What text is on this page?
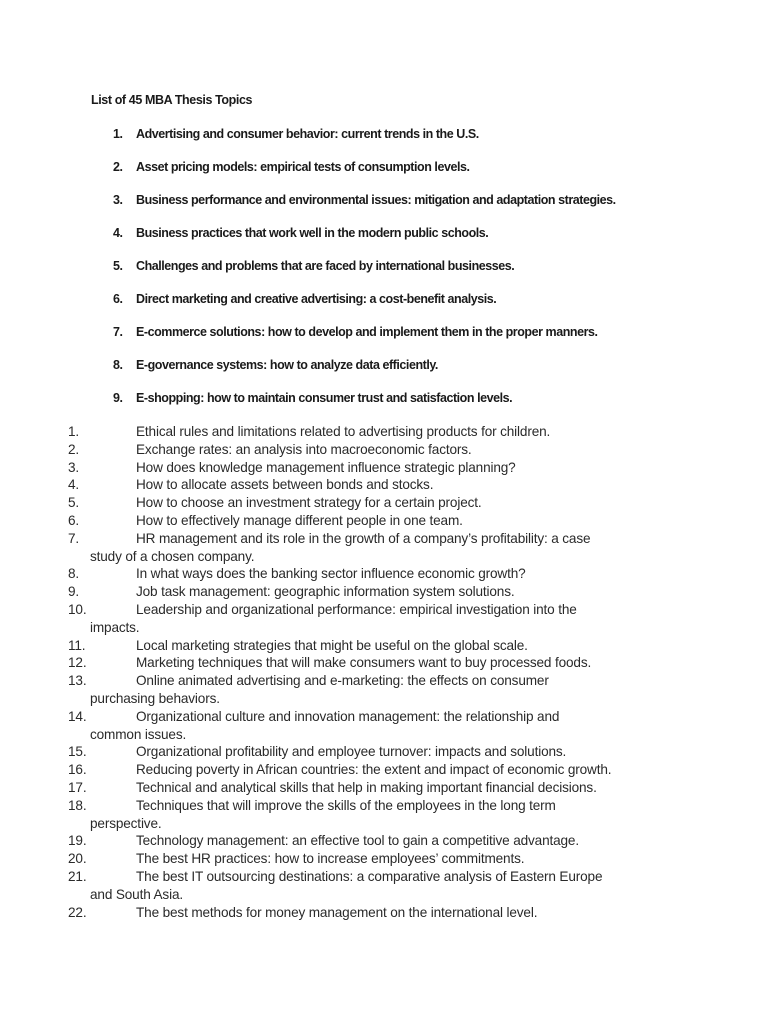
List of 45 MBA Thesis Topics
1. Advertising and consumer behavior: current trends in the U.S.
2. Asset pricing models: empirical tests of consumption levels.
3. Business performance and environmental issues: mitigation and adaptation strategies.
4. Business practices that work well in the modern public schools.
5. Challenges and problems that are faced by international businesses.
6. Direct marketing and creative advertising: a cost-benefit analysis.
7. E-commerce solutions: how to develop and implement them in the proper manners.
8. E-governance systems: how to analyze data efficiently.
9. E-shopping: how to maintain consumer trust and satisfaction levels.
1.	Ethical rules and limitations related to advertising products for children.
2.	Exchange rates: an analysis into macroeconomic factors.
3.	How does knowledge management influence strategic planning?
4.	How to allocate assets between bonds and stocks.
5.	How to choose an investment strategy for a certain project.
6.	How to effectively manage different people in one team.
7.	HR management and its role in the growth of a company’s profitability: a case
study of a chosen company.
8.	In what ways does the banking sector influence economic growth?
9.	Job task management: geographic information system solutions.
10.	Leadership and organizational performance: empirical investigation into the
impacts.
11.	Local marketing strategies that might be useful on the global scale.
12.	Marketing techniques that will make consumers want to buy processed foods.
13.	Online animated advertising and e-marketing: the effects on consumer
purchasing behaviors.
14.	Organizational culture and innovation management: the relationship and
common issues.
15.	Organizational profitability and employee turnover: impacts and solutions.
16.	Reducing poverty in African countries: the extent and impact of economic growth.
17.	Technical and analytical skills that help in making important financial decisions.
18.	Techniques that will improve the skills of the employees in the long term
perspective.
19.	Technology management: an effective tool to gain a competitive advantage.
20.	The best HR practices: how to increase employees’ commitments.
21.	The best IT outsourcing destinations: a comparative analysis of Eastern Europe
and South Asia.
22.	The best methods for money management on the international level.
